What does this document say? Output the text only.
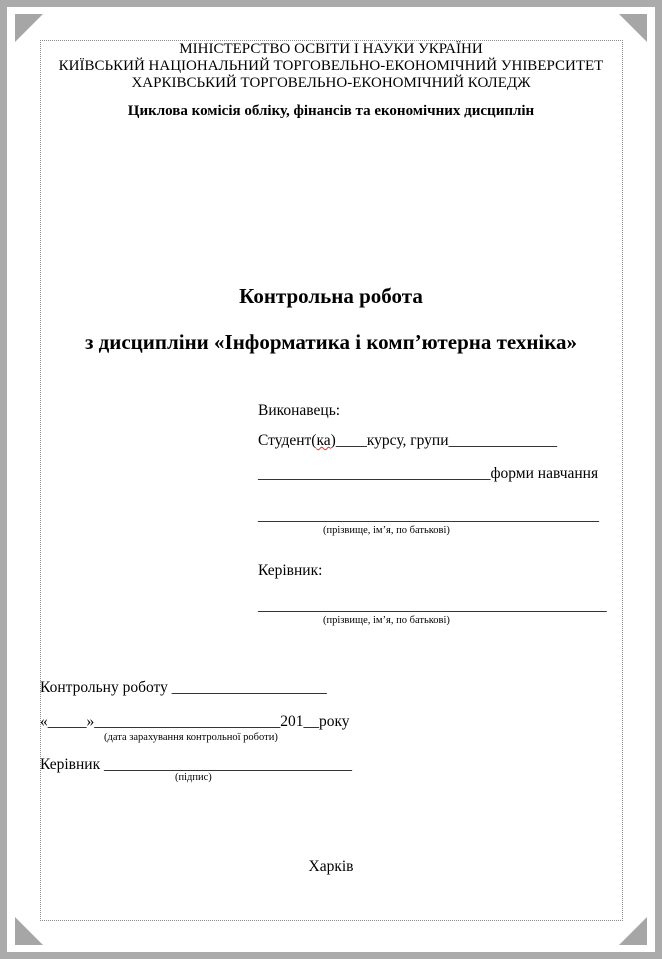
МІНІСТЕРСТВО ОСВІТИ І НАУКИ УКРАЇНИ
КИЇВСЬКИЙ НАЦІОНАЛЬНИЙ ТОРГОВЕЛЬНО-ЕКОНОМІЧНИЙ УНІВЕРСИТЕТ
ХАРКІВСЬКИЙ ТОРГОВЕЛЬНО-ЕКОНОМІЧНИЙ КОЛЕДЖ
Циклова комісія обліку, фінансів та економічних дисциплін
Контрольна робота
з дисципліни «Інформатика і комп’ютерна техніка»
Виконавець:
Студент(ка)____курсу, групи______________
______________________________форми навчання
____________________________________________
(прізвище, ім’я, по батькові)
Керівник:
_____________________________________________
(прізвище, ім’я, по батькові)
Контрольну роботу ____________________
«_____»________________________201__року
(дата зарахування контрольної роботи)
Керівник ________________________________
(підпис)
Харків
